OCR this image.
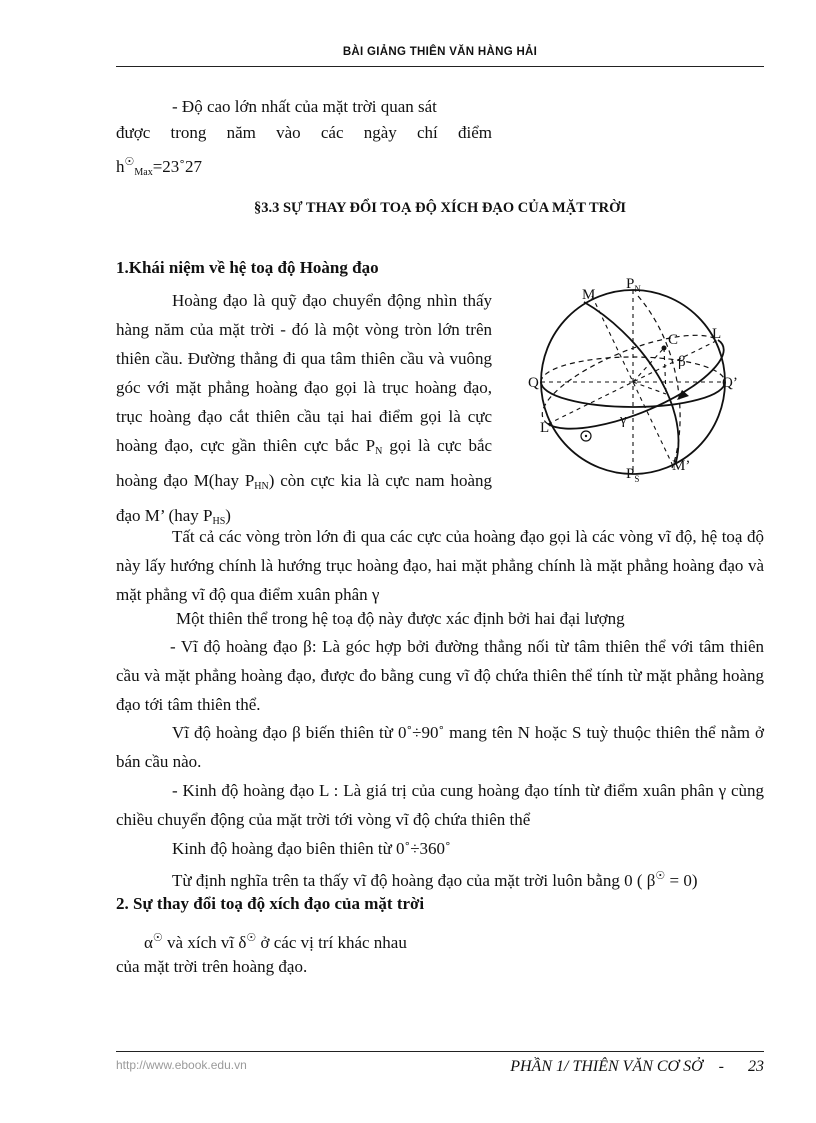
BÀI GIẢNG THIÊN VĂN HÀNG HẢI

- Độ cao lớn nhất của mặt trời quan sát

được trong năm vào các ngày chí điểm

$h^☉_{Max}=23˚27$

§3.3 SỰ THAY ĐỔI TOẠ ĐỘ XÍCH ĐẠO CỦA MẶT TRỜI

1.Khái niệm về hệ toạ độ Hoàng đạo

Hoàng đạo là quỹ đạo chuyển động nhìn thấy hàng năm của mặt trời - đó là một vòng tròn lớn trên thiên cầu. Đường thẳng đi qua tâm thiên cầu và vuông góc với mặt phẳng hoàng đạo gọi là trục hoàng đạo, trục hoàng đạo cắt thiên cầu tại hai điểm gọi là cực hoàng đạo, cực gần thiên cực bắc $P_N$ gọi là cực bắc hoàng đạo M(hay $P_{HN}$) còn cực kia là cực nam hoàng đạo M’ (hay $P_{HS}$)

Tất cả các vòng tròn lớn đi qua các cực của hoàng đạo gọi là các vòng vĩ độ, hệ toạ độ này lấy hướng chính là hướng trục hoàng đạo, hai mặt phẳng chính là mặt phẳng hoàng đạo và mặt phẳng vĩ độ qua điểm xuân phân γ

Một thiên thể trong hệ toạ độ này được xác định bởi hai đại lượng

- Vĩ độ hoàng đạo β: Là góc hợp bởi đường thẳng nối từ tâm thiên thể với tâm thiên cầu và mặt phẳng hoàng đạo, được đo bằng cung vĩ độ chứa thiên thể tính từ mặt phẳng hoàng đạo tới tâm thiên thể.

Vĩ độ hoàng đạo β biến thiên từ 0˚÷90˚ mang tên N hoặc S tuỳ thuộc thiên thể nằm ở bán cầu nào.

- Kinh độ hoàng đạo L : Là giá trị của cung hoàng đạo tính từ điểm xuân phân γ cùng chiều chuyển động của mặt trời tới vòng vĩ độ chứa thiên thể

Kinh độ hoàng đạo biên thiên từ 0˚÷360˚

Từ định nghĩa trên ta thấy vĩ độ hoàng đạo của mặt trời luôn bằng 0 ( β☉ = 0)

2. Sự thay đổi toạ độ xích đạo của mặt trời

α☉ và xích vĩ δ☉ ở các vị trí khác nhau

của mặt trời trên hoàng đạo.

M
$P_N$
C L
β
Q	Q’
L’	γ
M’
$P_S$
http://www.ebook.edu.vn	PHẦN 1/ THIÊN VĂN CƠ SỞ - 23
